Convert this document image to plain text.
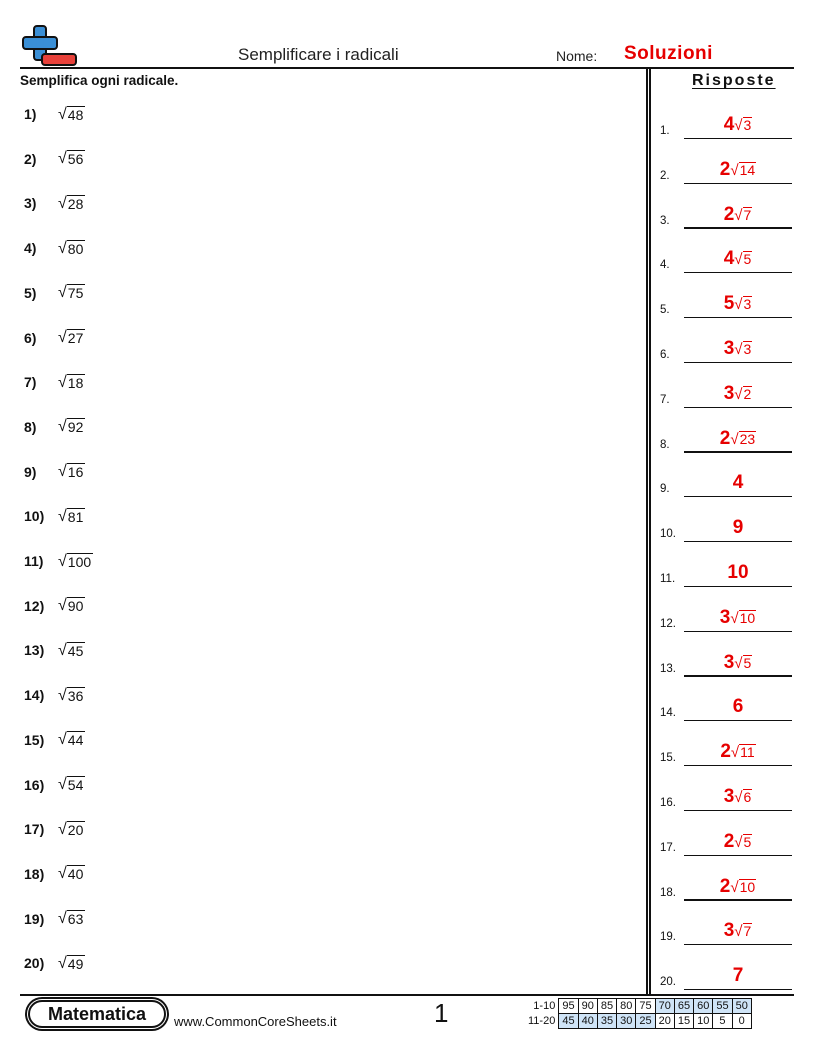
Semplificare i radicali	Nome: Soluzioni
Semplifica ogni radicale.
1)	√ 48
2)	√ 56
3)	√ 28
4)	√ 80
5)	√ 75
6)	√ 27
7)	√ 18
8)	√ 92
9)	√ 16
10) √ 81
11) √ 100
12) √ 90
13) √ 45
14) √ 36
15) √ 44
16) √ 54
17) √ 20
18) √ 40
19) √ 63
20) √ 49
Risposte
1.	4√3
2.	2√14
3.	2√7
4.	4√5
5.	5√3
6.	3√3
7.	3√2
8.	2√23
9.	4
10.	9
11.	10
12.	3√10
13.	3√5
14.	6
15.	2√11
16.	3√6
17.	2√5
18.	2√10
19.	3√7
20.	7
Matematica	www.CommonCoreSheets.it	1	1-10	95	90	85	80	75	70	65	60	55	50
11-20	45	40	35	30	25	20	15	10	5	0
